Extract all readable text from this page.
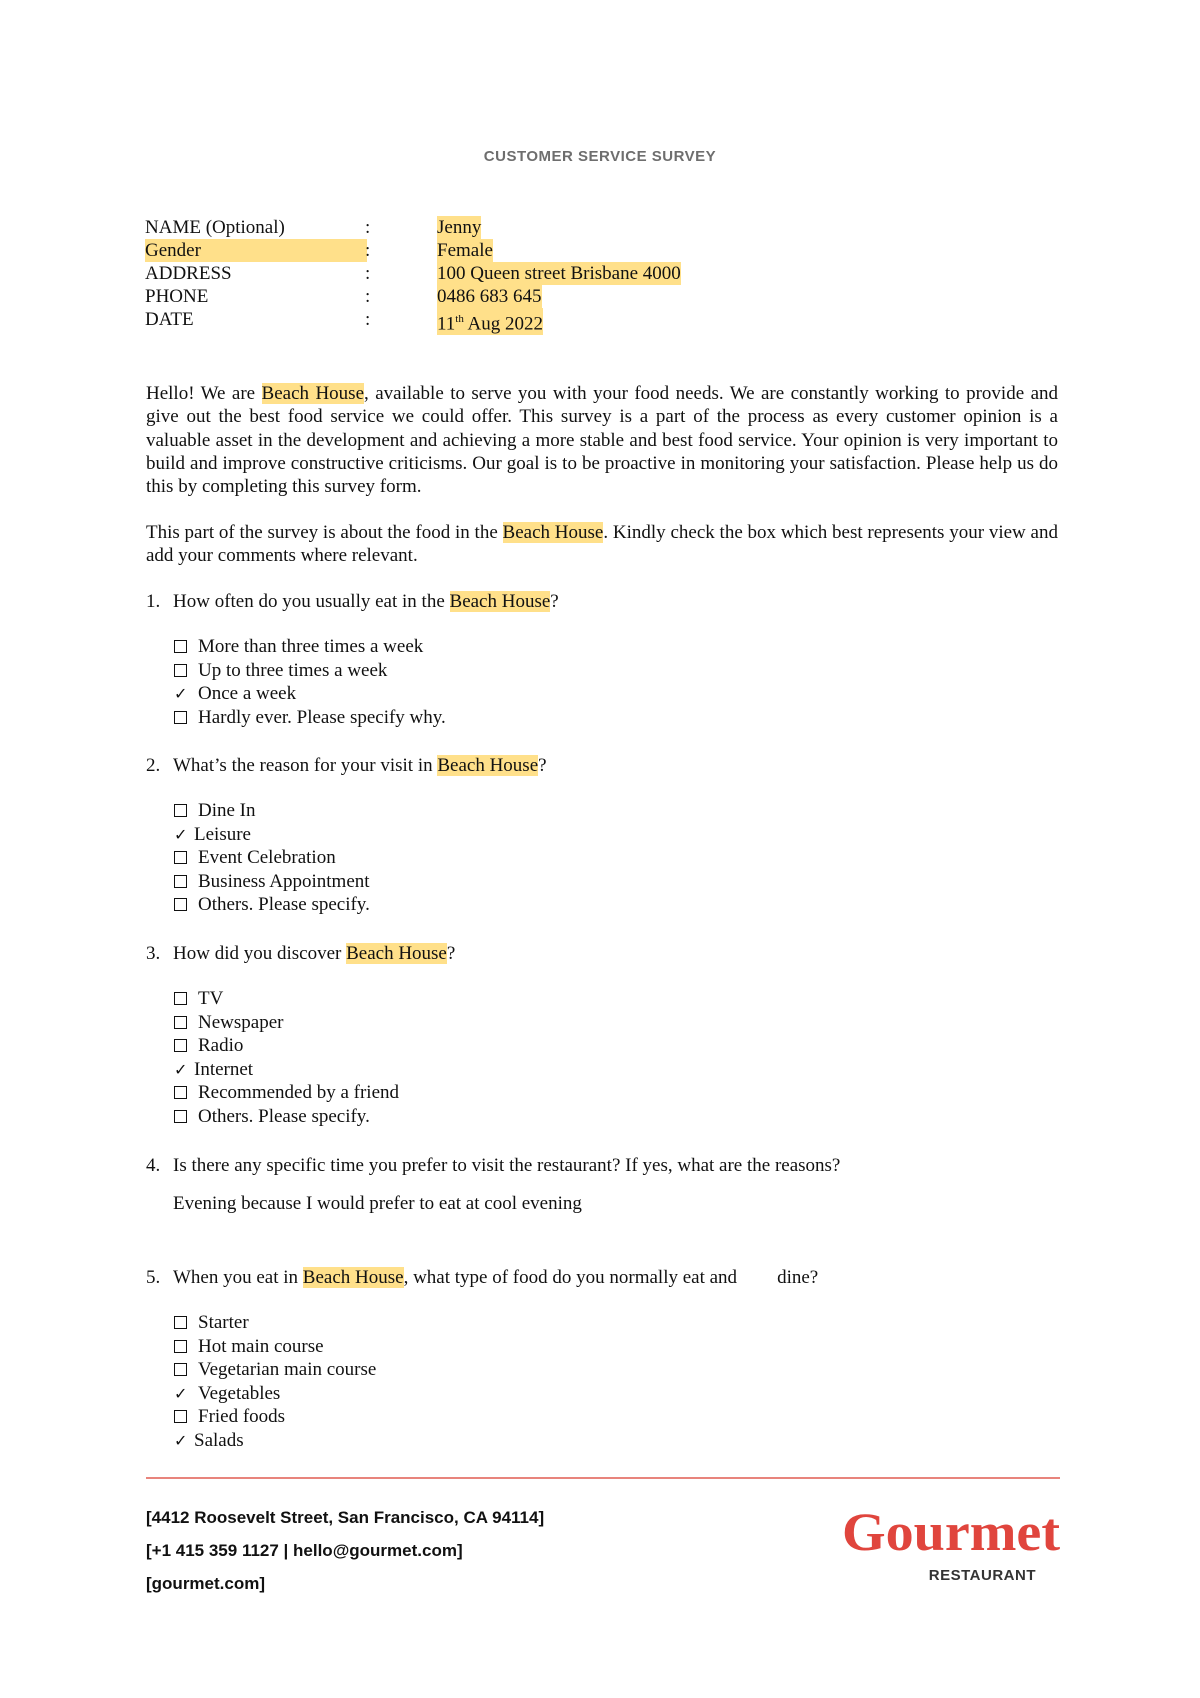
CUSTOMER SERVICE SURVEY
NAME (Optional)	:	Jenny
Gender	:	Female
ADDRESS	:	100 Queen street Brisbane 4000
PHONE	:	0486 683 645
DATE	:	11th Aug 2022

Hello! We are Beach House, available to serve you with your food needs. We are constantly working to provide and give out the best food service we could offer. This survey is a part of the process as every customer opinion is a valuable asset in the development and achieving a more stable and best food service. Your opinion is very important to build and improve constructive criticisms. Our goal is to be proactive in monitoring your satisfaction. Please help us do this by completing this survey form.

This part of the survey is about the food in the Beach House. Kindly check the box which best represents your view and add your comments where relevant.

1. How often do you usually eat in the Beach House?
More than three times a week
Up to three times a week
✓ Once a week
Hardly ever. Please specify why.
2. What’s the reason for your visit in Beach House?
Dine In
✓ Leisure
Event Celebration
Business Appointment
Others. Please specify.
3. How did you discover Beach House?
TV
Newspaper
Radio
✓ Internet
Recommended by a friend
Others. Please specify.
4. Is there any specific time you prefer to visit the restaurant? If yes, what are the reasons?
Evening because I would prefer to eat at cool evening
5. When you eat in Beach House, what type of food do you normally eat and dine?
Starter
Hot main course
Vegetarian main course
✓ Vegetables
Fried foods
✓ Salads
[4412 Roosevelt Street, San Francisco, CA 94114]
[+1 415 359 1127 | hello@gourmet.com]
[gourmet.com]
Gourmet
RESTAURANT
